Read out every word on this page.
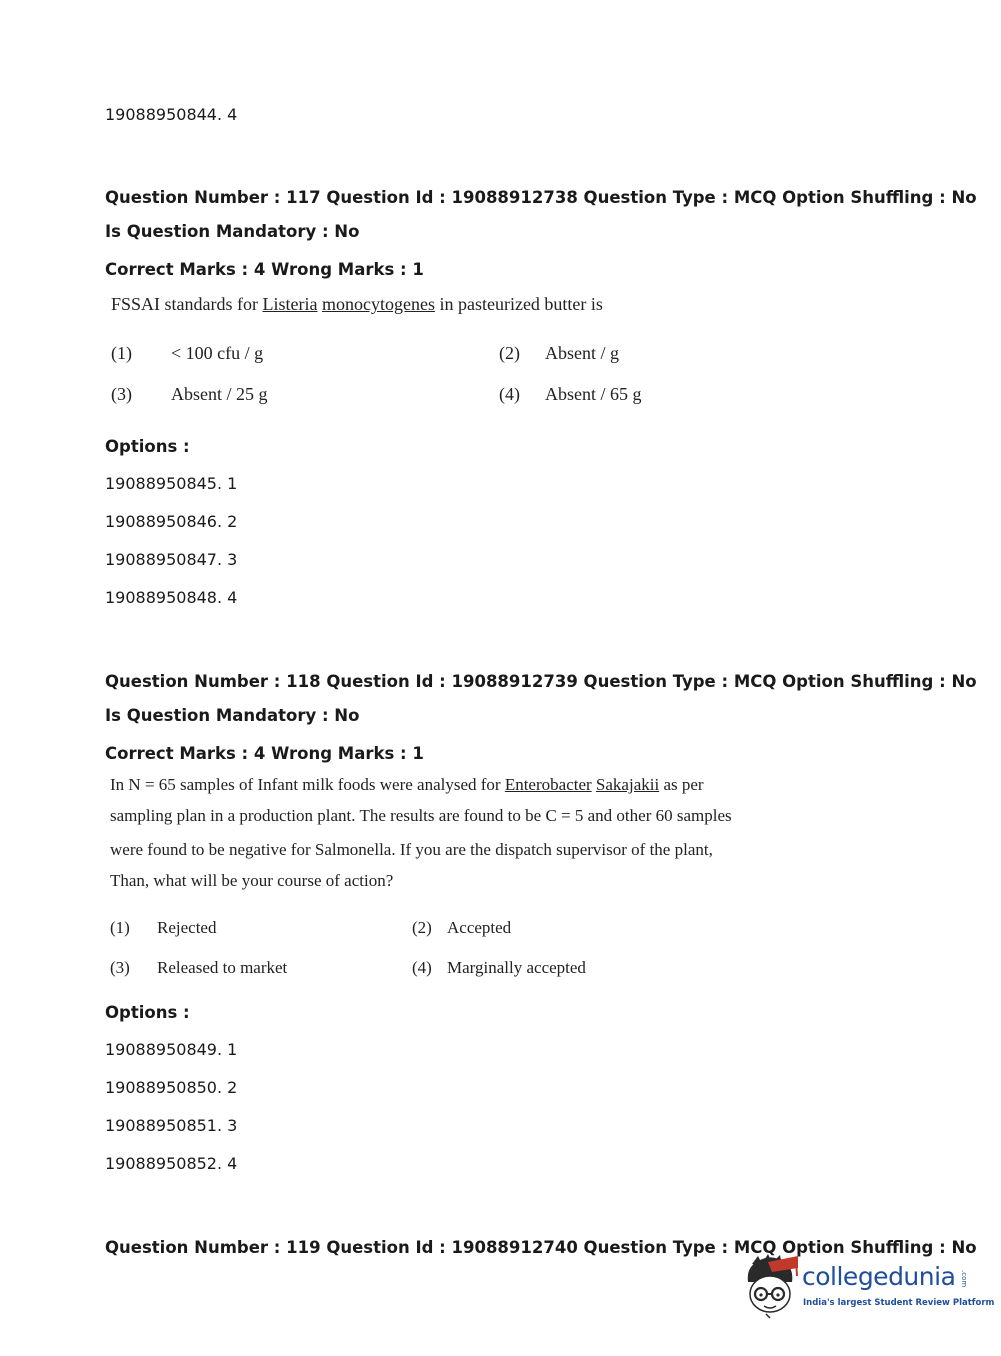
19088950844. 4
Question Number : 117 Question Id : 19088912738 Question Type : MCQ Option Shuffling : No
Is Question Mandatory : No
Correct Marks : 4 Wrong Marks : 1
FSSAI standards for Listeria monocytogenes in pasteurized butter is
(1) < 100 cfu / g	(2) Absent / g
(3) Absent / 25 g	(4) Absent / 65 g
Options :
19088950845. 1
19088950846. 2
19088950847. 3
19088950848. 4
Question Number : 118 Question Id : 19088912739 Question Type : MCQ Option Shuffling : No
Is Question Mandatory : No
Correct Marks : 4 Wrong Marks : 1
In N = 65 samples of Infant milk foods were analysed for Enterobacter Sakajakii as per
sampling plan in a production plant. The results are found to be C = 5 and other 60 samples
were found to be negative for Salmonella. If you are the dispatch supervisor of the plant,
Than, what will be your course of action?
(1) Rejected	(2) Accepted
(3) Released to market	(4) Marginally accepted
Options :
19088950849. 1
19088950850. 2
19088950851. 3
19088950852. 4
Question Number : 119 Question Id : 19088912740 Question Type : MCQ Option Shuffling : No
collegedunia .com
India's largest Student Review Platform
